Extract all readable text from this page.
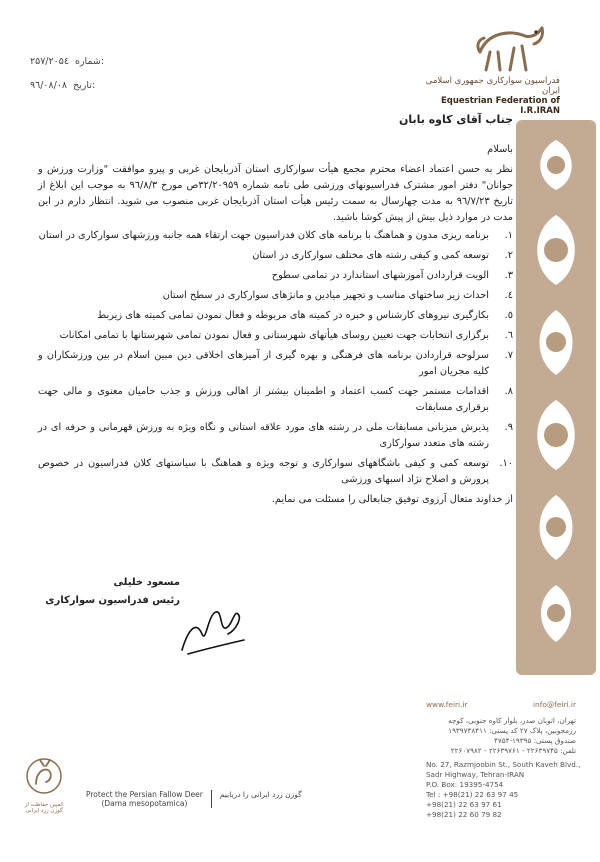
۲۵۷/۲۰۵٤ شماره:
۹٦/۰۸/۰۸ تاریخ:	فدراسیون سوارکاری جمهوری اسلامی ایران
Equestrian Federation of I.R.IRAN
جناب آقای کاوه بابان
باسلام
نظر به حسن اعتماد اعضاء محترم مجمع هیأت سوارکاری استان آذربایجان غربی و پیرو موافقت "وزارت ورزش و جوانان" دفتر امور مشترک فدراسیونهای ورزشی طی نامه شماره ۳۲/۲۰۹۵۹ص مورخ ۹٦/۸/۳ به موجب این ابلاغ از تاریخ ۹٦/۷/۲۳ به مدت چهارسال به سمت رئیس هیأت استان آذربایجان غربی منصوب می شوید. انتظار دارم در این مدت در موارد ذیل بیش از پیش کوشا باشید.
۱.
برنامه ریزی مدون و هماهنگ با برنامه های کلان فدراسیون جهت ارتقاء همه جانبه ورزشهای سوارکاری در استان
۲.
توسعه کمی و کیفی رشته های مختلف سوارکاری در استان
۳.
الویت قراردادن آموزشهای استاندارد در تمامی سطوح
٤.
احداث زیر ساختهای مناسب و تجهیز میادین و مانژهای سوارکاری در سطح استان
٥.
بکارگیری نیروهای کارشناس و خبره در کمیته های مربوطه و فعال نمودن تمامی کمیته های زیربط
٦.
برگزاری انتخابات جهت تعیین روسای هیأتهای شهرستانی و فعال نمودن تمامی شهرستانها با تمامی امکانات
۷.
سرلوحه قراردادن برنامه های فرهنگی و بهره گیری از آمیزهای اخلاقی دین مبین اسلام در بین ورزشکاران و کلیه مجریان امور
۸.
اقدامات مستمر جهت کسب اعتماد و اطمینان بیشتر از اهالی ورزش و جذب حامیان معنوی و مالی جهت برقراری مسابقات
۹.
پذیرش میزبانی مسابقات ملی در رشته های مورد علاقه استانی و نگاه ویژه به ورزش قهرمانی و حرفه ای در رشته های متعدد سوارکاری
۱۰.
توسعه کمی و کیفی باشگاههای سوارکاری و توجه ویژه و هماهنگ با سیاستهای کلان فدراسیون در خصوص پرورش و اصلاح نژاد اسبهای ورزشی
از خداوند متعال آرزوی توفیق جنابعالی را مسئلت می نمایم.
مسعود خلیلی
رئیس فدراسیون سوارکاری
www.feiri.ir	info@feiri.ir
تهران، اتوبان صدر، بلوار کاوه جنوبی، کوچه
رزمجوبین، پلاک ۲۷ کد پستی: ۱۹۳۹۷۳۸۴۱۱
صندوق پستی: ۱۹۳۹۵-۴۷۵۴
تلفن: ۲۲۶۳۹۷۴۵ - ۲۲۶۳۹۷۶۱ - ۲۲۶۰۷۹۸۲
No. 27, Razmjoobin St., South Kaveh Blvd.,
Sadr Highway, Tehran-IRAN
P.O. Box: 19395-4754
Tel : +98(21) 22 63 97 45
+98(21) 22 63 97 61
+98(21) 22 60 79 82
کمپین حفاظت از گوزن زرد ایرانی
Protect the Persian Fallow Deer
(Dama mesopotamica)
گوزن زرد ایرانی را دریابیم
